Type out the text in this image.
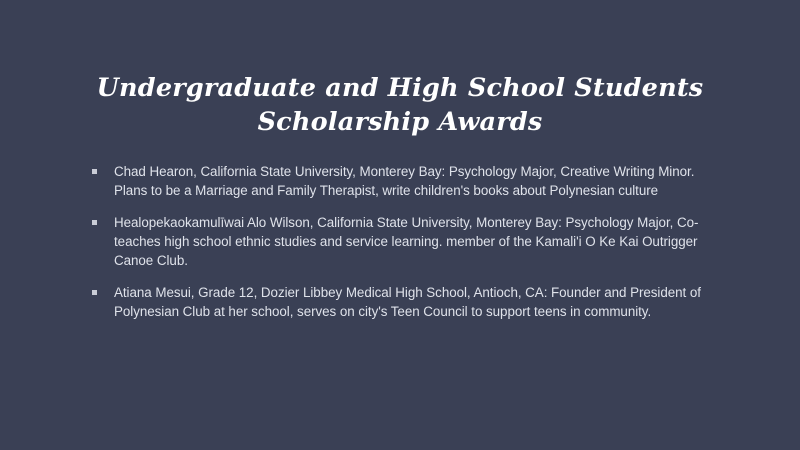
Undergraduate and High School Students Scholarship Awards
Chad Hearon, California State University, Monterey Bay: Psychology Major, Creative Writing Minor. Plans to be a Marriage and Family Therapist, write children's books about Polynesian culture
Healopekaokamulīwai Alo Wilson, California State University, Monterey Bay: Psychology Major, Co-teaches high school ethnic studies and service learning. member of the Kamali'i O Ke Kai Outrigger Canoe Club.
Atiana Mesui, Grade 12, Dozier Libbey Medical High School, Antioch, CA: Founder and President of Polynesian Club at her school, serves on city's Teen Council to support teens in community.
